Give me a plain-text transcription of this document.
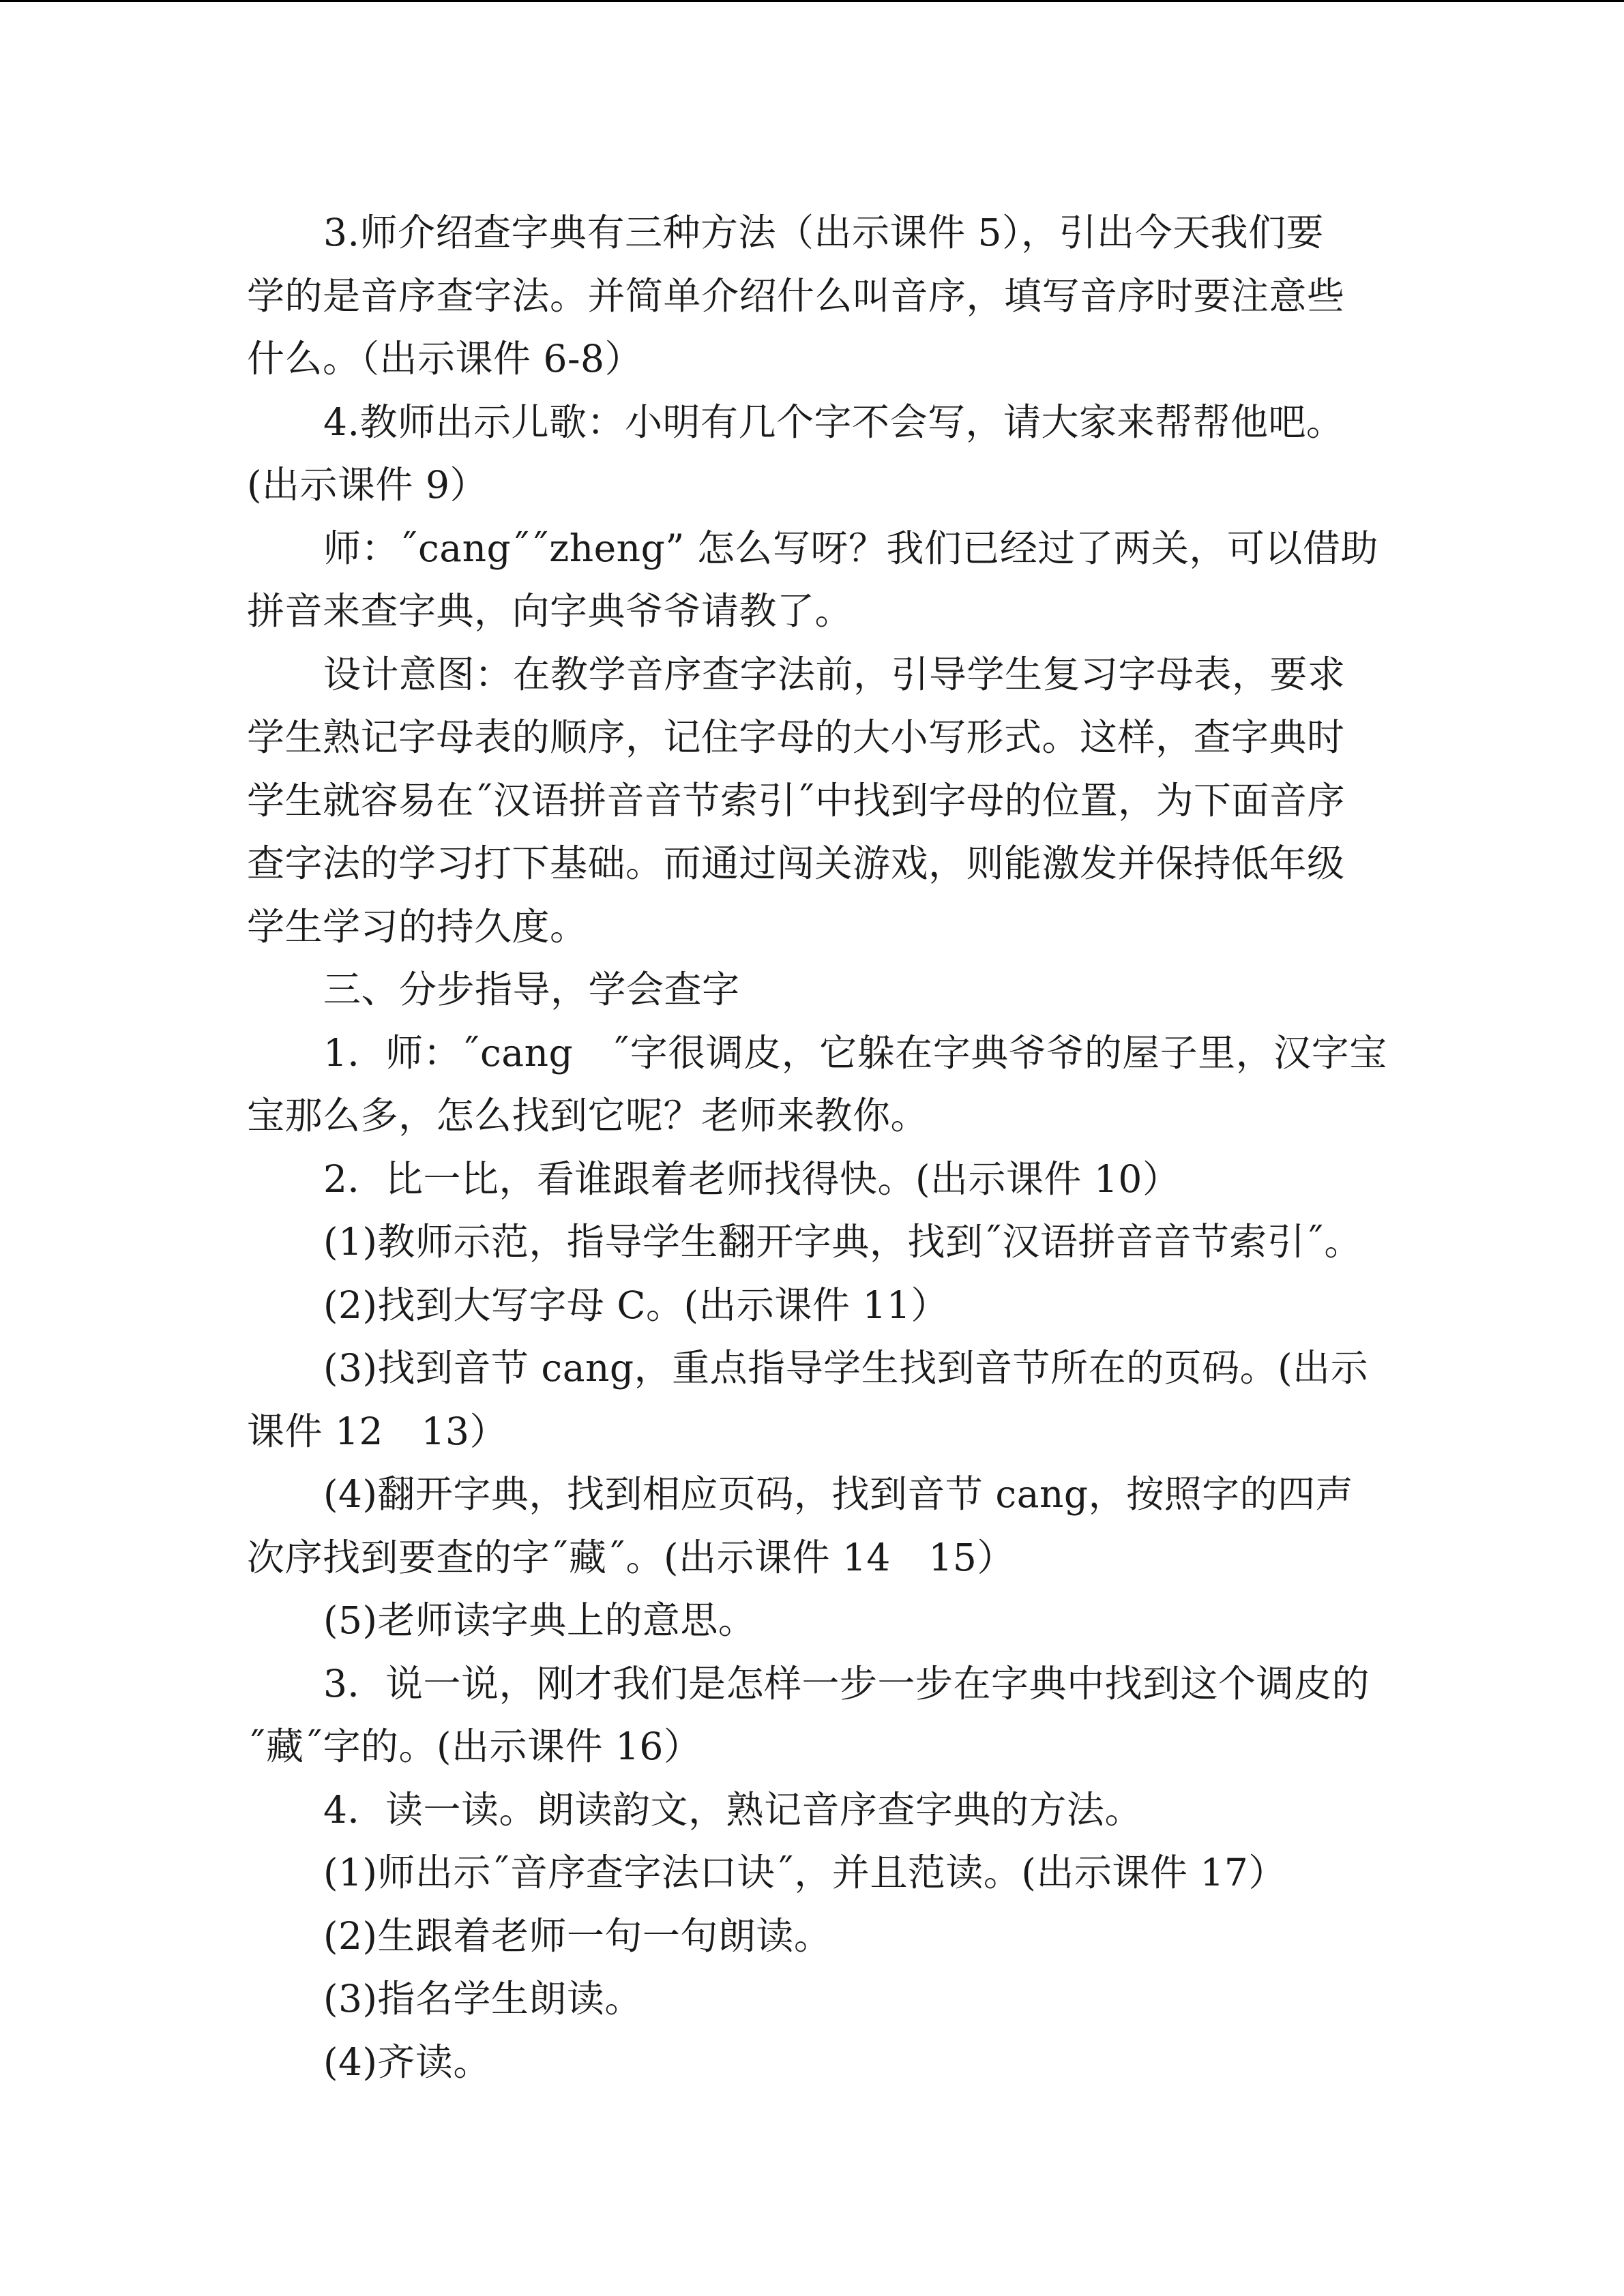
3.师介绍查字典有三种方法（出示课件 5），引出今天我们要

学的是音序查字法。并简单介绍什么叫音序，填写音序时要注意些

什么。（出示课件 6-8）

4.教师出示儿歌：小明有几个字不会写，请大家来帮帮他吧。

(出示课件 9）

师：˝cang˝˝zheng” 怎么写呀？我们已经过了两关，可以借助

拼音来查字典，向字典爷爷请教了。

设计意图：在教学音序查字法前，引导学生复习字母表，要求

学生熟记字母表的顺序，记住字母的大小写形式。这样，查字典时

学生就容易在˝汉语拼音音节索引˝中找到字母的位置，为下面音序

查字法的学习打下基础。而通过闯关游戏，则能激发并保持低年级

学生学习的持久度。

三、分步指导，学会查字

1．师：˝cang　˝字很调皮，它躲在字典爷爷的屋子里，汉字宝

宝那么多，怎么找到它呢？老师来教你。

2．比一比，看谁跟着老师找得快。(出示课件 10）

(1)教师示范，指导学生翻开字典，找到˝汉语拼音音节索引˝。

(2)找到大写字母 C。(出示课件 11）

(3)找到音节 cang，重点指导学生找到音节所在的页码。(出示

课件 12　13）

(4)翻开字典，找到相应页码，找到音节 cang，按照字的四声

次序找到要查的字˝藏˝。(出示课件 14　15）

(5)老师读字典上的意思。

3．说一说，刚才我们是怎样一步一步在字典中找到这个调皮的

˝藏˝字的。(出示课件 16）

4．读一读。朗读韵文，熟记音序查字典的方法。

(1)师出示˝音序查字法口诀˝，并且范读。(出示课件 17）

(2)生跟着老师一句一句朗读。

(3)指名学生朗读。

(4)齐读。
